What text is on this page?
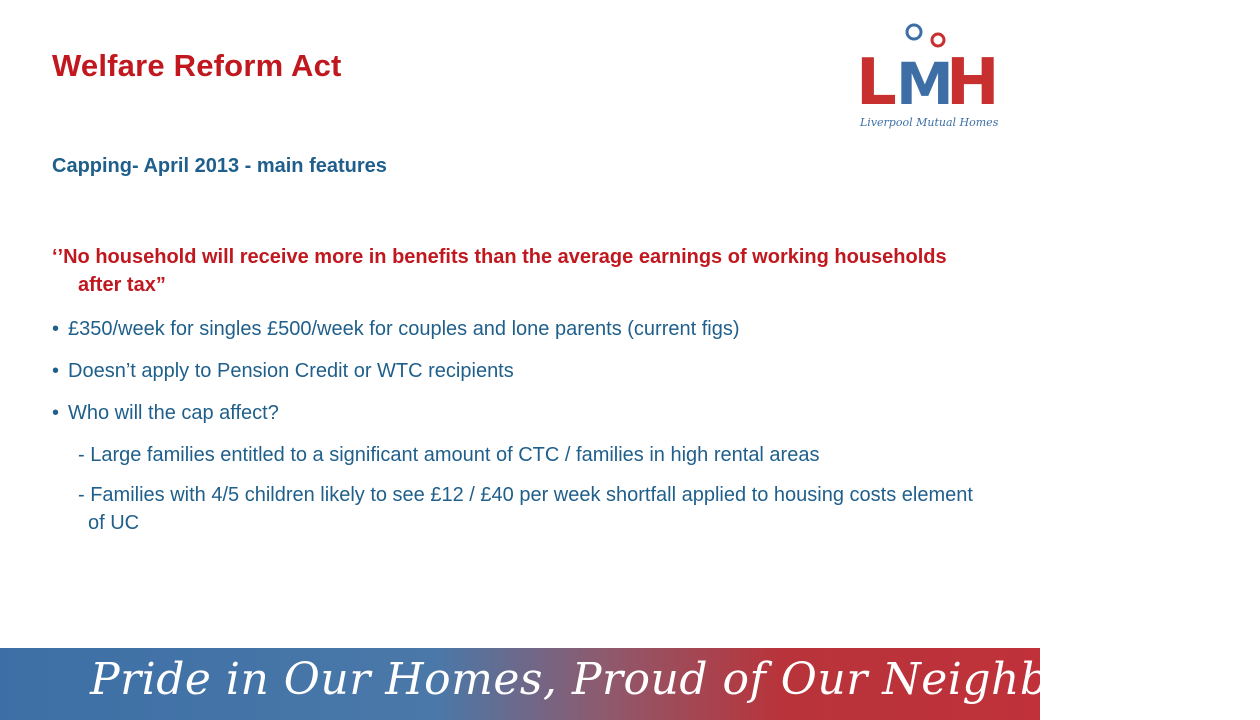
Welfare Reform Act	L M
H
Liverpool Mutual Homes
Capping- April 2013 - main features

‘’No household will receive more in benefits than the average earnings of working households after tax”

• £350/week for singles £500/week for couples and lone parents (current figs)

• Doesn’t apply to Pension Credit or WTC recipients

• Who will the cap affect?

- Large families entitled to a significant amount of CTC / families in high rental areas

- Families with 4/5 children likely to see £12 / £40 per week shortfall applied to housing costs element of UC

Pride in Our Homes, Proud of Our Neighbourhoods
